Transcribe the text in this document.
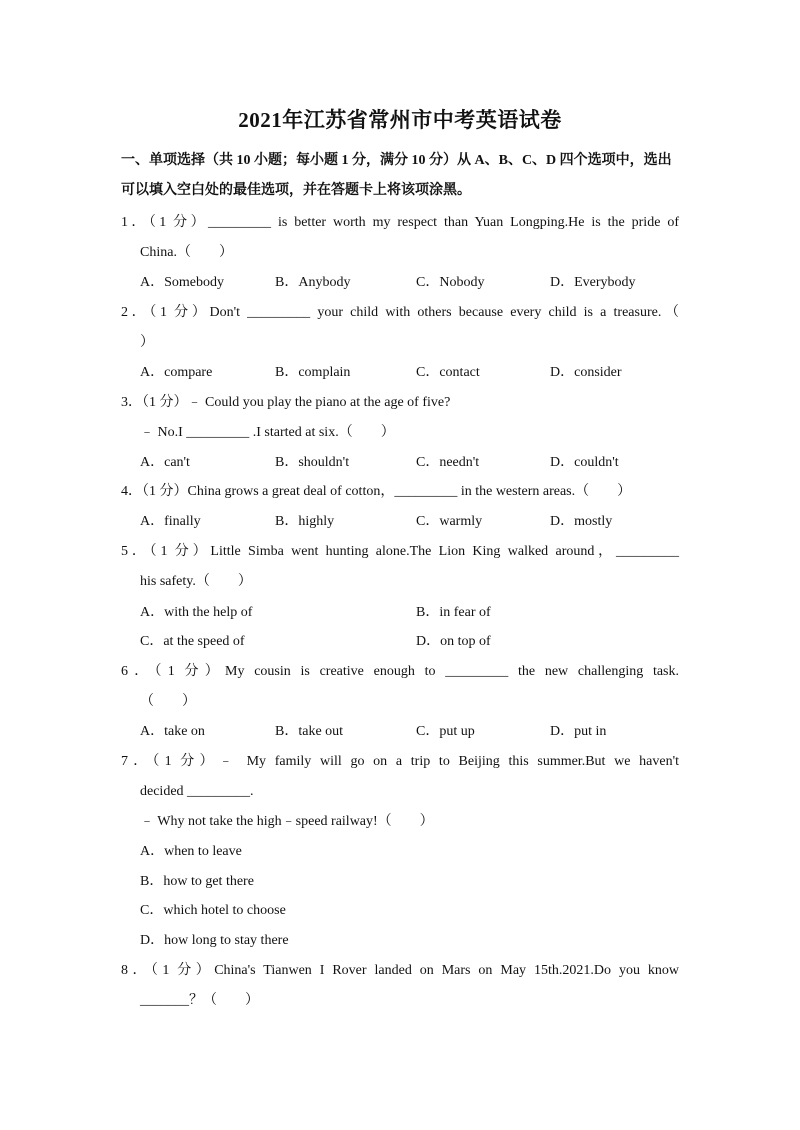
2021年江苏省常州市中考英语试卷
一、单项选择（共 10 小题；每小题 1 分，满分 10 分）从 A、B、C、D 四个选项中，选出
可以填入空白处的最佳选项，并在答题卡上将该项涂黑。
1．（1 分）_________ is better worth my respect than Yuan Longping.He is the pride of
China.（　　）
A．Somebody	B．Anybody	C．Nobody	D．Everybody
2．（1 分）Don't _________ your child with others because every child is a treasure.（
）
A．compare	B．complain	C．contact	D．consider
3．（1 分）﹣ Could you play the piano at the age of five?
﹣ No.I _________ .I started at six.（　　）
A．can't	B．shouldn't	C．needn't	D．couldn't
4．（1 分）China grows a great deal of cotton，_________ in the western areas.（　　）
A．finally	B．highly	C．warmly	D．mostly
5．（1 分）Little Simba went hunting alone.The Lion King walked around，_________
his safety.（　　）
A．with the help of	B．in fear of
C．at the speed of	D．on top of
6．（1 分）My cousin is creative enough to _________ the new challenging task.
（　　）
A．take on	B．take out	C．put up	D．put in
7．（1 分）﹣ My family will go on a trip to Beijing this summer.But we haven't
decided _________.
﹣ Why not take the high﹣speed railway!（　　）
A．when to leave
B．how to get there
C．which hotel to choose
D．how long to stay there
8．（1 分）China's Tianwen I Rover landed on Mars on May 15th.2021.Do you know
_______？（　　）
